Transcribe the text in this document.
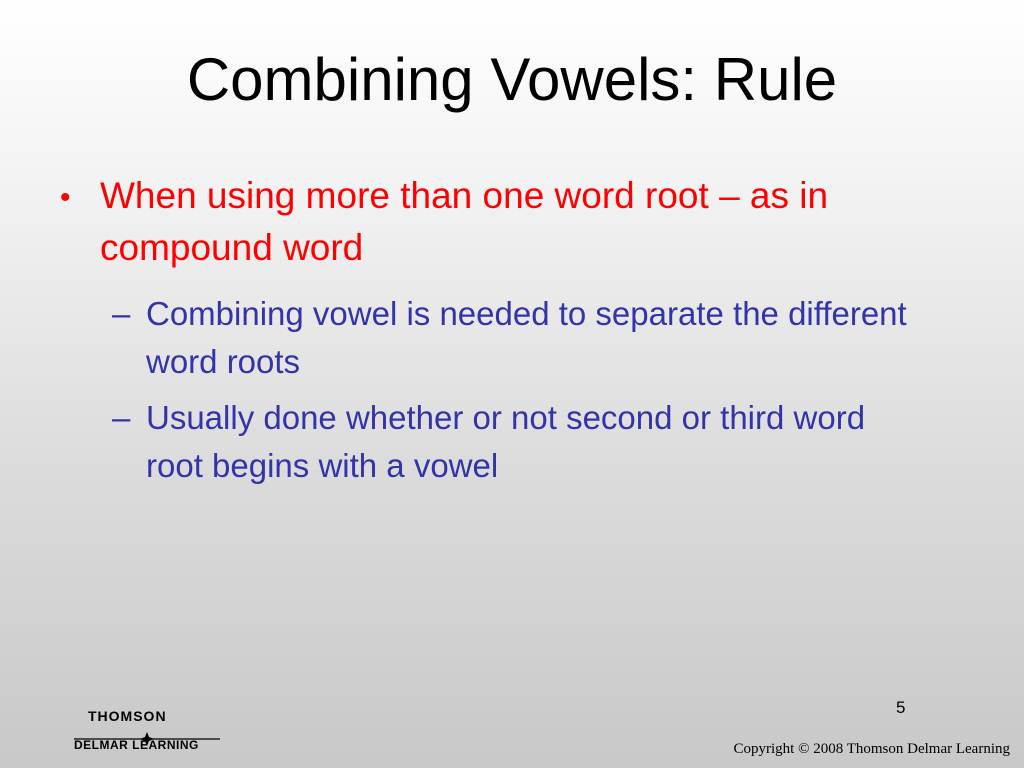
Combining Vowels: Rule
• When using more than one word root – as in compound word
– Combining vowel is needed to separate the different word roots
– Usually done whether or not second or third word root begins with a vowel
5
THOMSON
DELMAR LEARNING	Copyright © 2008 Thomson Delmar Learning
